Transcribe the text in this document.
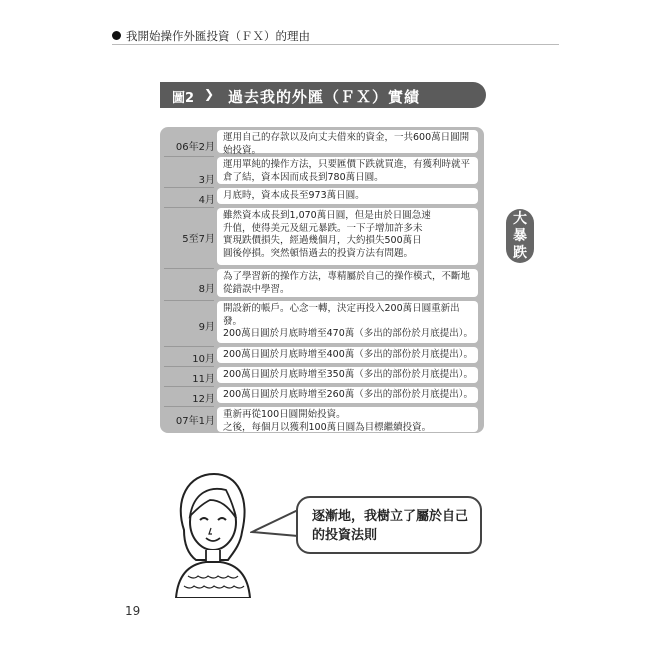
我開始操作外匯投資（ＦＸ）的理由
圖2 ❯ 過去我的外匯（ＦＸ）實績
06年2月
運用自己的存款以及向丈夫借來的資金，一共600萬日圓開
始投資。
3月
運用單純的操作方法，只要匯價下跌就買進，有獲利時就平
倉了結，資本因而成長到780萬日圓。
4月 月底時，資本成長至973萬日圓。
5至7月
雖然資本成長到1,070萬日圓，但是由於日圓急速
升值，使得美元及紐元暴跌。一下子增加許多未
實現跌價損失，經過幾個月，大約損失500萬日
圓後停損。突然頓悟過去的投資方法有問題。
大
暴
跌
8月
為了學習新的操作方法，專精屬於自己的操作模式，不斷地
從錯誤中學習。
9月
開設新的帳戶。心念一轉，決定再投入200萬日圓重新出
發。
200萬日圓於月底時增至470萬（多出的部份於月底提出）。
10月 200萬日圓於月底時增至400萬（多出的部份於月底提出）。
11月 200萬日圓於月底時增至350萬（多出的部份於月底提出）。
12月 200萬日圓於月底時增至260萬（多出的部份於月底提出）。
07年1月
重新再從100日圓開始投資。
之後，每個月以獲利100萬日圓為目標繼續投資。
逐漸地，我樹立了屬於自己
的投資法則
19
